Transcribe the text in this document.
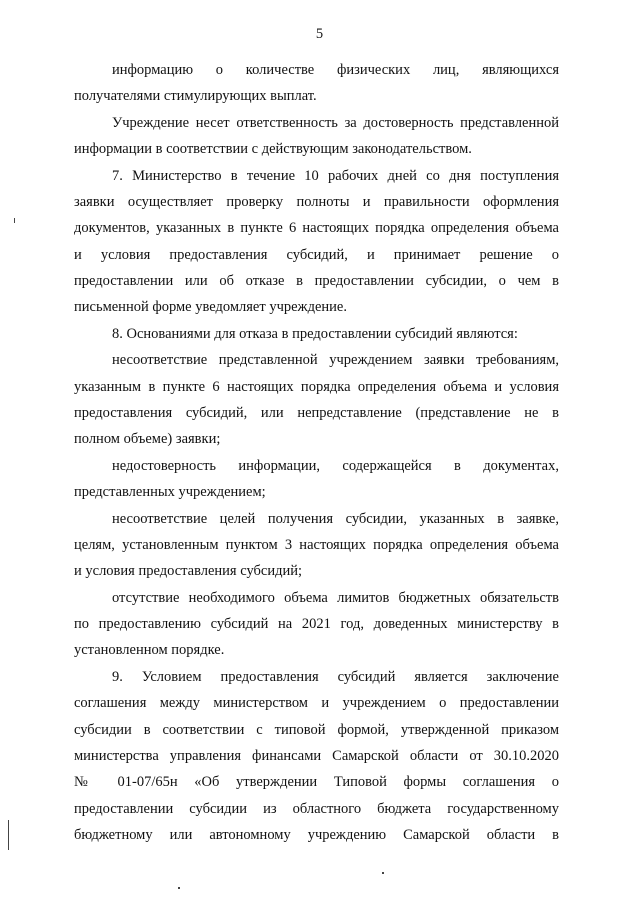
5
информацию о количестве физических лиц, являющихся
получателями стимулирующих выплат.
Учреждение несет ответственность за достоверность представленной
информации в соответствии с действующим законодательством.
7. Министерство в течение 10 рабочих дней со дня поступления
заявки осуществляет проверку полноты и правильности оформления
документов, указанных в пункте 6 настоящих порядка определения объема
и условия предоставления субсидий, и принимает решение о
предоставлении или об отказе в предоставлении субсидии, о чем в
письменной форме уведомляет учреждение.
8. Основаниями для отказа в предоставлении субсидий являются:
несоответствие представленной учреждением заявки требованиям,
указанным в пункте 6 настоящих порядка определения объема и условия
предоставления субсидий, или непредставление (представление не в
полном объеме) заявки;
недостоверность информации, содержащейся в документах,
представленных учреждением;
несоответствие целей получения субсидии, указанных в заявке,
целям, установленным пунктом 3 настоящих порядка определения объема
и условия предоставления субсидий;
отсутствие необходимого объема лимитов бюджетных обязательств
по предоставлению субсидий на 2021 год, доведенных министерству в
установленном порядке.
9. Условием предоставления субсидий является заключение
соглашения между министерством и учреждением о предоставлении
субсидии в соответствии с типовой формой, утвержденной приказом
министерства управления финансами Самарской области от 30.10.2020
№ 01-07/65н «Об утверждении Типовой формы соглашения о
предоставлении субсидии из областного бюджета государственному
бюджетному или автономному учреждению Самарской области в
